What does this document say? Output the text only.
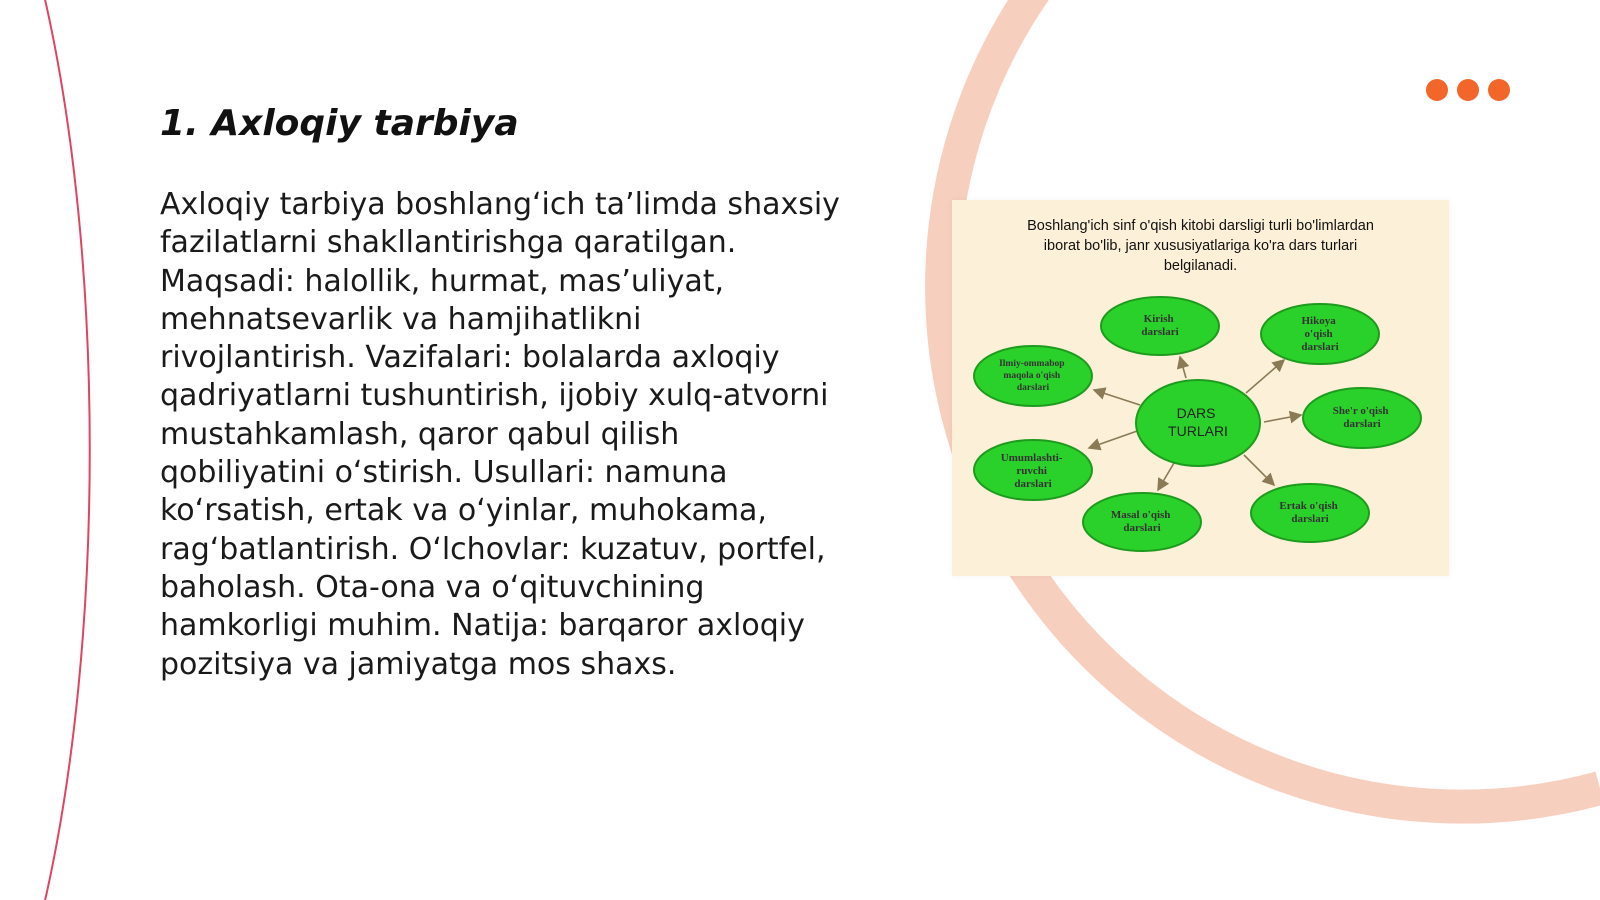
1. Axloqiy tarbiya

Axloqiy tarbiya boshlang‘ich ta’limda shaxsiy fazilatlarni shakllantirishga qaratilgan. Maqsadi: halollik, hurmat, mas’uliyat, mehnatsevarlik va hamjihatlikni rivojlantirish. Vazifalari: bolalarda axloqiy qadriyatlarni tushuntirish, ijobiy xulq-atvorni mustahkamlash, qaror qabul qilish qobiliyatini o‘stirish. Usullari: namuna ko‘rsatish, ertak va o‘yinlar, muhokama, rag‘batlantirish. O‘lchovlar: kuzatuv, portfel, baholash. Ota-ona va o‘qituvchining hamkorligi muhim. Natija: barqaror axloqiy pozitsiya va jamiyatga mos shaxs.

Kirish darslari
Hikoya o'qish darslari
Ilmiy-ommabop maqola o'qish darslari
She'r o'qish darslari
Umumlashti- ruvchi darslari
Masal o'qish darslari
Ertak o'qish darslari
DARS TURLARI
Boshlang'ich sinf o'qish kitobi darsligi turli bo'limlardan
iborat bo'lib, janr xususiyatlariga ko'ra dars turlari
belgilanadi.
